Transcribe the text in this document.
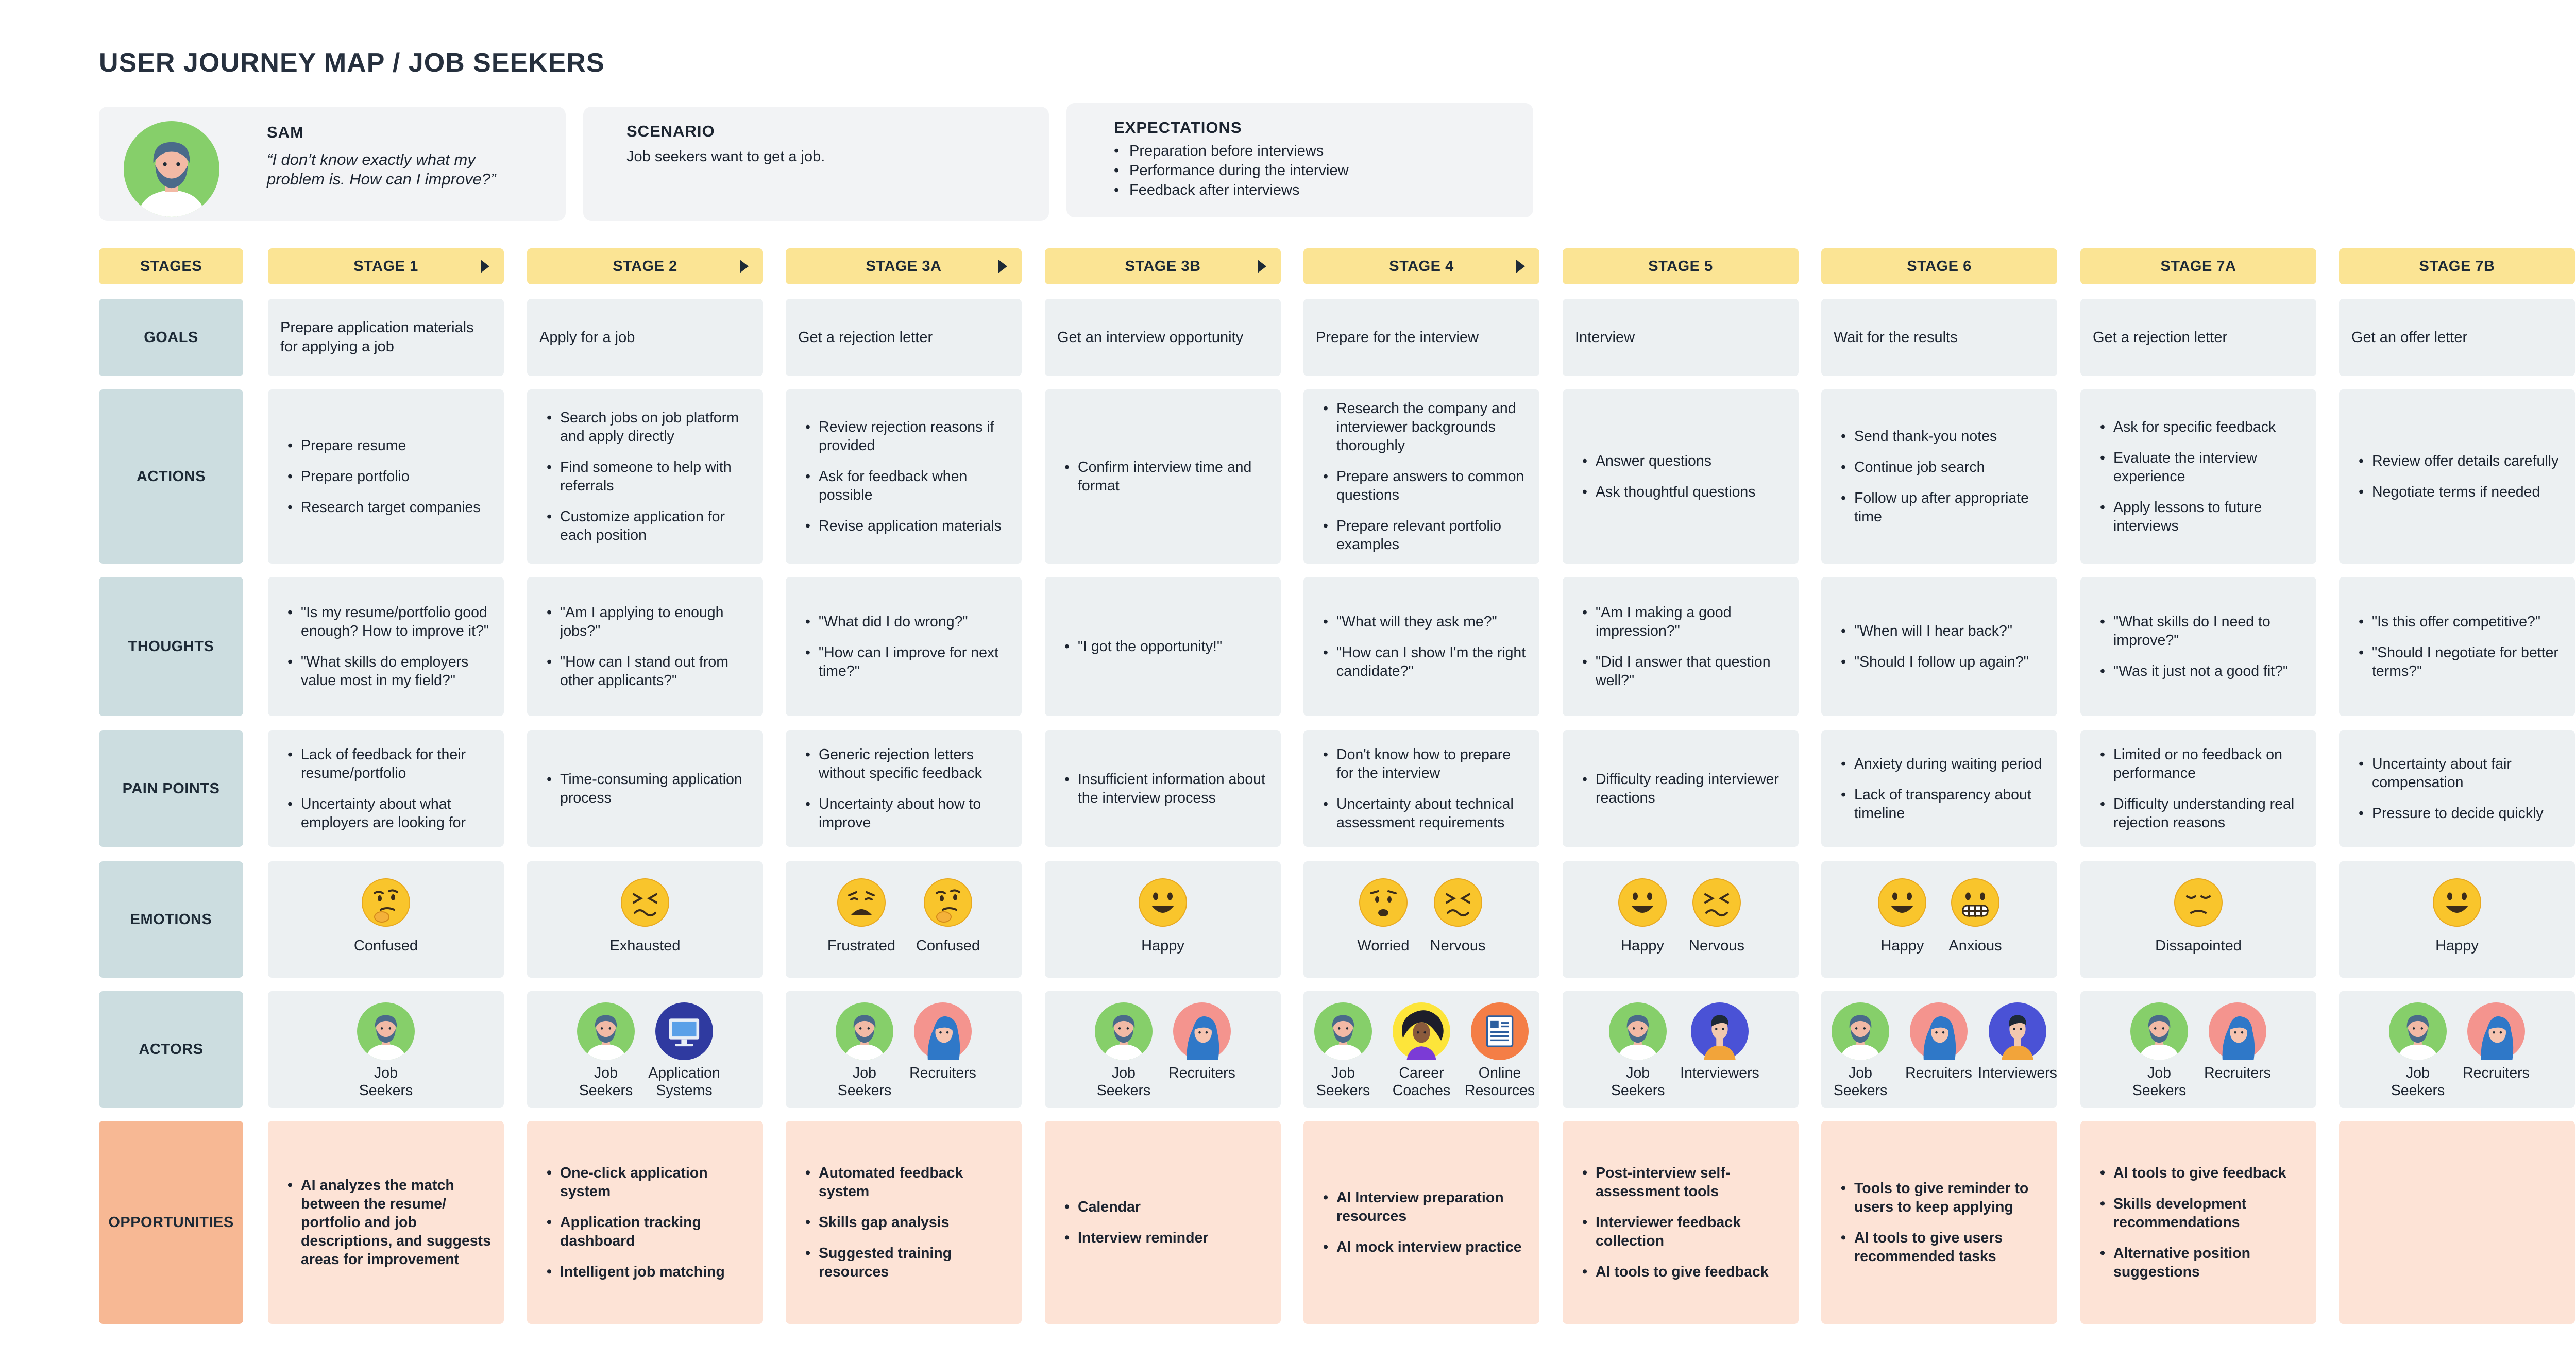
USER JOURNEY MAP / JOB SEEKERS
SAM
“I don’t know exactly what my problem is. How can I improve?”
SCENARIO
Job seekers want to get a job.
EXPECTATIONS
• Preparation before interviews
• Performance during the interview
• Feedback after interviews
STAGES
GOALS
ACTIONS
THOUGHTS
PAIN POINTS
EMOTIONS
ACTORS
OPPORTUNITIES
STAGE 1
Prepare application materials for applying a job
• Prepare resume
• Prepare portfolio
• Research target companies
• "Is my resume/portfolio good enough? How to improve it?"
• "What skills do employers value most in my field?"
• Lack of feedback for their resume/portfolio
• Uncertainty about what employers are looking for
Confused
Job
Seekers
• AI analyzes the match between the resume/ portfolio and job descriptions, and suggests areas for improvement
STAGE 2
Apply for a job
• Search jobs on job platform and apply directly
• Find someone to help with referrals
• Customize application for each position
• "Am I applying to enough jobs?"
• "How can I stand out from other applicants?"
• Time-consuming application process
Exhausted
Job
Seekers
Application
Systems
• One-click application system
• Application tracking dashboard
• Intelligent job matching
STAGE 3A
Get a rejection letter
• Review rejection reasons if provided
• Ask for feedback when possible
• Revise application materials
• "What did I do wrong?"
• "How can I improve for next time?"
• Generic rejection letters without specific feedback
• Uncertainty about how to improve
Frustrated Confused
Job
Seekers
Recruiters
• Automated feedback system
• Skills gap analysis
• Suggested training resources
STAGE 3B
Get an interview opportunity
• Confirm interview time and format
• "I got the opportunity!"
• Insufficient information about the interview process
Happy
Job
Seekers
Recruiters
• Calendar
• Interview reminder
STAGE 4
Prepare for the interview
• Research the company and interviewer backgrounds thoroughly
• Prepare answers to common questions
• Prepare relevant portfolio examples
• "What will they ask me?"
• "How can I show I'm the right candidate?"
• Don't know how to prepare for the interview
• Uncertainty about technical assessment requirements
Worried Nervous
Job
Seekers
Career
Coaches
Online
Resources
• AI Interview preparation resources
• AI mock interview practice
STAGE 5
Interview
• Answer questions
• Ask thoughtful questions
• "Am I making a good impression?"
• "Did I answer that question well?"
• Difficulty reading interviewer reactions
Happy Nervous
Job
Seekers
Interviewers
• Post-interview self-assessment tools
• Interviewer feedback collection
• AI tools to give feedback
STAGE 6
Wait for the results
• Send thank-you notes
• Continue job search
• Follow up after appropriate time
• "When will I hear back?"
• "Should I follow up again?"
• Anxiety during waiting period
• Lack of transparency about timeline
Happy Anxious
Job
Seekers
Recruiters Interviewers
• Tools to give reminder to users to keep applying
• AI tools to give users recommended tasks
STAGE 7A
Get a rejection letter
• Ask for specific feedback
• Evaluate the interview experience
• Apply lessons to future interviews
• "What skills do I need to improve?"
• "Was it just not a good fit?"
• Limited or no feedback on performance
• Difficulty understanding real rejection reasons
Dissapointed
Job
Seekers
Recruiters
• AI tools to give feedback
• Skills development recommendations
• Alternative position suggestions
STAGE 7B
Get an offer letter
• Review offer details carefully
• Negotiate terms if needed
• "Is this offer competitive?"
• "Should I negotiate for better terms?"
• Uncertainty about fair compensation
• Pressure to decide quickly
Happy
Job
Seekers
Recruiters
